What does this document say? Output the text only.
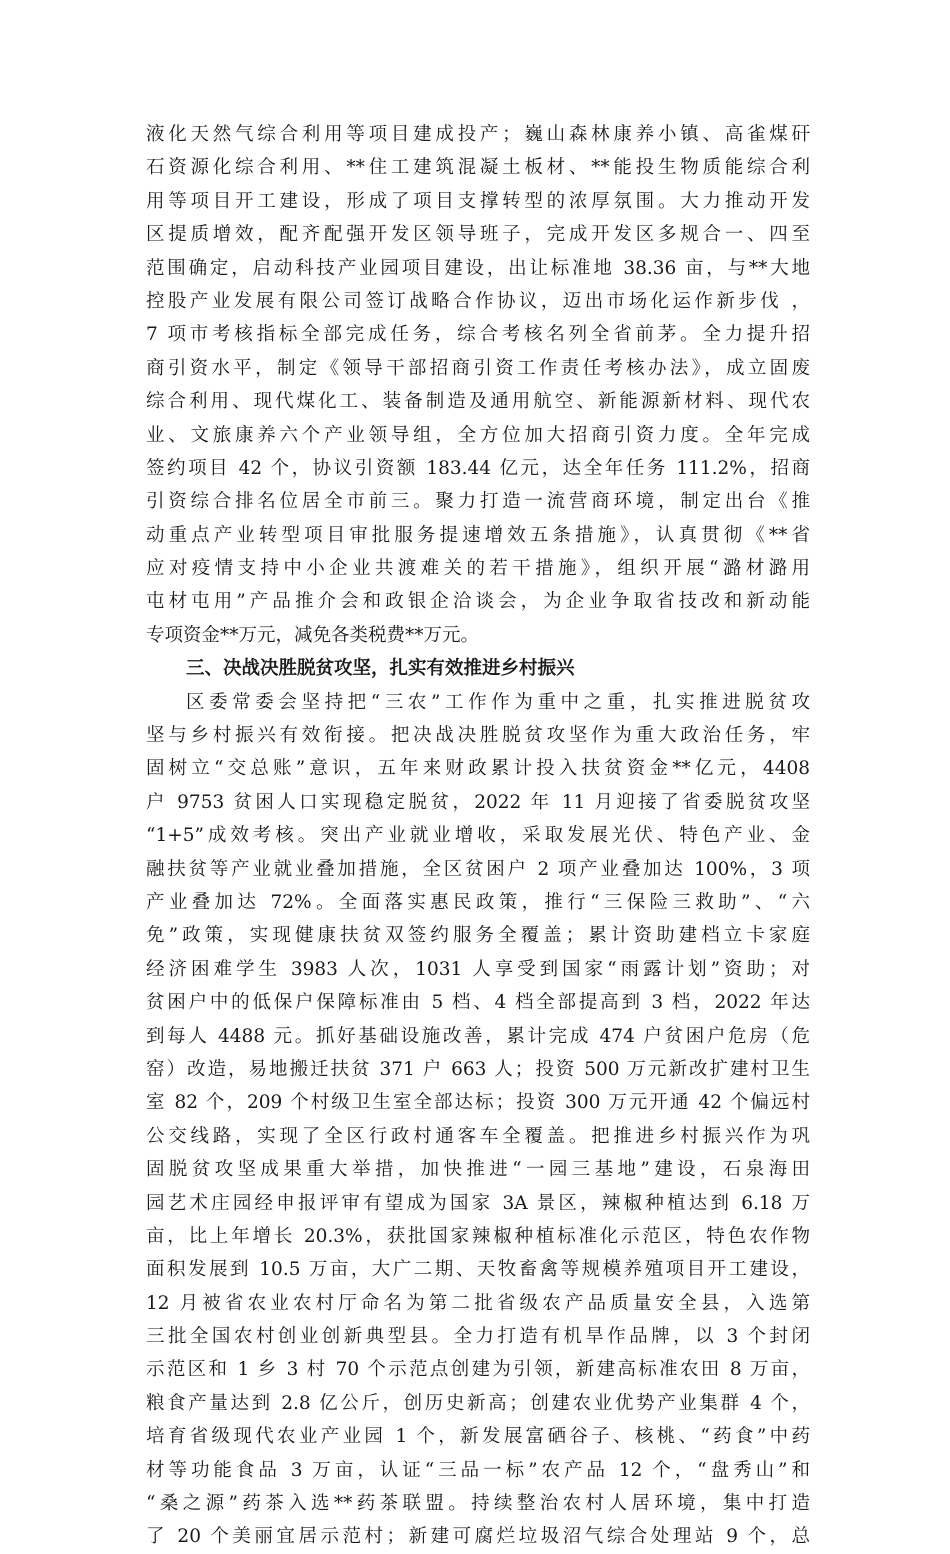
液化天然气综合利用等项目建成投产；巍山森林康养小镇、高雀煤矸
石资源化综合利用、**住工建筑混凝土板材、**能投生物质能综合利
用等项目开工建设，形成了项目支撑转型的浓厚氛围。大力推动开发
区提质增效，配齐配强开发区领导班子，完成开发区多规合一、四至
范围确定，启动科技产业园项目建设，出让标准地 38.36 亩，与**大地
控股产业发展有限公司签订战略合作协议，迈出市场化运作新步伐 ，
7 项市考核指标全部完成任务，综合考核名列全省前茅。全力提升招
商引资水平，制定《领导干部招商引资工作责任考核办法》，成立固废
综合利用、现代煤化工、装备制造及通用航空、新能源新材料、现代农
业、文旅康养六个产业领导组，全方位加大招商引资力度。全年完成
签约项目 42 个，协议引资额 183.44 亿元，达全年任务 111.2%，招商
引资综合排名位居全市前三。聚力打造一流营商环境，制定出台《推
动重点产业转型项目审批服务提速增效五条措施》，认真贯彻《**省
应对疫情支持中小企业共渡难关的若干措施》，组织开展“潞材潞用
屯材屯用”产品推介会和政银企洽谈会，为企业争取省技改和新动能
专项资金**万元，减免各类税费**万元。
三、决战决胜脱贫攻坚，扎实有效推进乡村振兴
区委常委会坚持把“三农”工作作为重中之重，扎实推进脱贫攻
坚与乡村振兴有效衔接。把决战决胜脱贫攻坚作为重大政治任务，牢
固树立“交总账”意识，五年来财政累计投入扶贫资金**亿元，4408
户 9753 贫困人口实现稳定脱贫，2022 年 11 月迎接了省委脱贫攻坚
“1+5”成效考核。突出产业就业增收，采取发展光伏、特色产业、金
融扶贫等产业就业叠加措施，全区贫困户 2 项产业叠加达 100%，3 项
产业叠加达 72%。全面落实惠民政策，推行“三保险三救助”、“六
免”政策，实现健康扶贫双签约服务全覆盖；累计资助建档立卡家庭
经济困难学生 3983 人次，1031 人享受到国家“雨露计划”资助；对
贫困户中的低保户保障标准由 5 档、4 档全部提高到 3 档，2022 年达
到每人 4488 元。抓好基础设施改善，累计完成 474 户贫困户危房（危
窑）改造，易地搬迁扶贫 371 户 663 人；投资 500 万元新改扩建村卫生
室 82 个，209 个村级卫生室全部达标；投资 300 万元开通 42 个偏远村
公交线路，实现了全区行政村通客车全覆盖。把推进乡村振兴作为巩
固脱贫攻坚成果重大举措，加快推进“一园三基地”建设，石泉海田
园艺术庄园经申报评审有望成为国家 3A 景区，辣椒种植达到 6.18 万
亩，比上年增长 20.3%，获批国家辣椒种植标准化示范区，特色农作物
面积发展到 10.5 万亩，大广二期、天牧畜禽等规模养殖项目开工建设，
12 月被省农业农村厅命名为第二批省级农产品质量安全县，入选第
三批全国农村创业创新典型县。全力打造有机旱作品牌，以 3 个封闭
示范区和 1 乡 3 村 70 个示范点创建为引领，新建高标准农田 8 万亩，
粮食产量达到 2.8 亿公斤，创历史新高；创建农业优势产业集群 4 个，
培育省级现代农业产业园 1 个，新发展富硒谷子、核桃、“药食”中药
材等功能食品 3 万亩，认证“三品一标”农产品 12 个，“盘秀山”和
“桑之源”药茶入选**药茶联盟。持续整治农村人居环境，集中打造
了 20 个美丽宜居示范村；新建可腐烂垃圾沼气综合处理站 9 个，总
